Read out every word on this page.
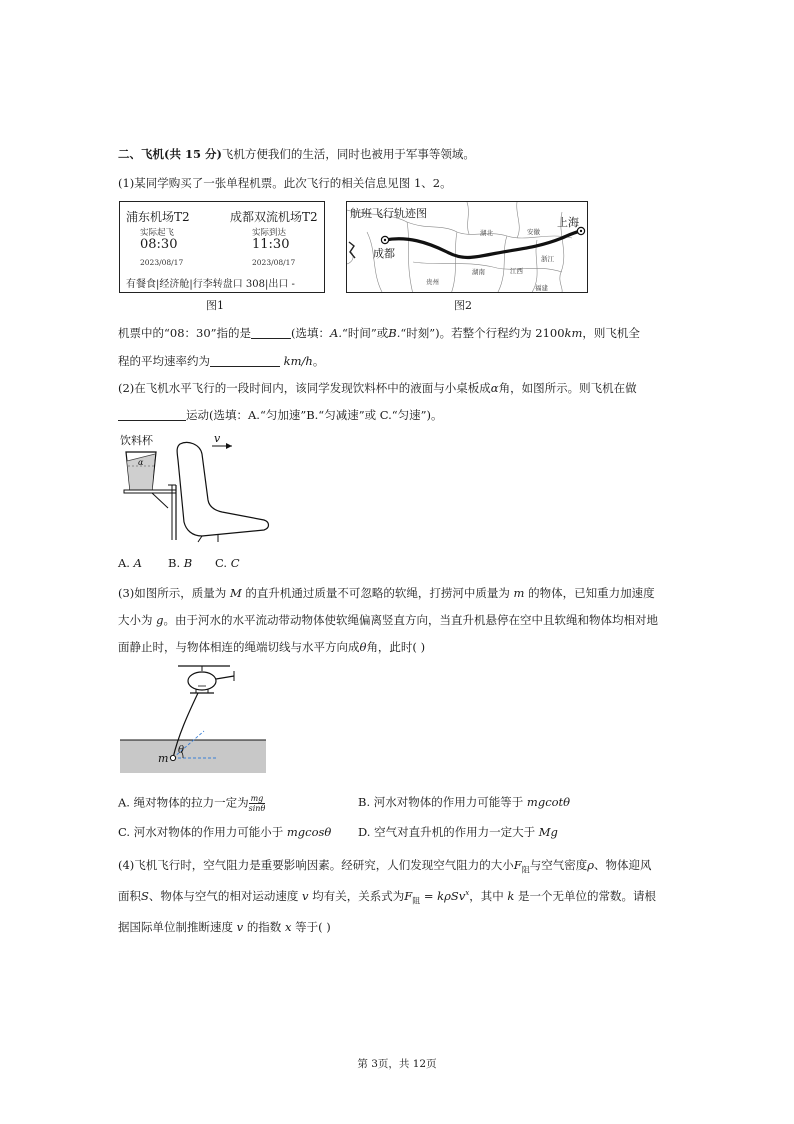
二、飞机(共 15 分)飞机方便我们的生活，同时也被用于军事等领域。
(1)某同学购买了一张单程机票。此次飞行的相关信息见图 1、2。
浦东机场T2	成都双流机场T2
实际起飞	实际到达
08:30	11:30
2023/08/17	2023/08/17
有餐食|经济舱|行李转盘口 308|出口 -
航班飞行轨迹图
成都
上海
湖北	安徽
浙江
湖南	江西
贵州
福建
图1	图2
机票中的“08：30”指的是	(选填：A.“时间”或B.“时刻”)。若整个行程约为 2100km，则飞机全
程的平均速率约为	km/h。
(2)在飞机水平飞行的一段时间内，该同学发现饮料杯中的液面与小桌板成α角，如图所示。则飞机在做
运动(选填：A.“匀加速”B.“匀减速”或 C.“匀速”)。
饮料杯	v
α
A. A B. B C. C
(3)如图所示，质量为 M 的直升机通过质量不可忽略的软绳，打捞河中质量为 m 的物体，已知重力加速度
大小为 g。由于河水的水平流动带动物体使软绳偏离竖直方向，当直升机悬停在空中且软绳和物体均相对地
面静止时，与物体相连的绳端切线与水平方向成θ角，此时( )
m
θ
A. 绳对物体的拉力一定为 $\frac{mg}{\sin\theta}$	B. 河水对物体的作用力可能等于 mgcotθ
C. 河水对物体的作用力可能小于 mgcosθ D. 空气对直升机的作用力一定大于 Mg
(4)飞机飞行时，空气阻力是重要影响因素。经研究，人们发现空气阻力的大小$F_阻$与空气密度ρ、物体迎风
面积S、物体与空气的相对运动速度 v 均有关，关系式为$F_阻 = k\rho Sv^x$，其中 k 是一个无单位的常数。请根
据国际单位制推断速度 v 的指数 x 等于( )
第 3页，共 12页
